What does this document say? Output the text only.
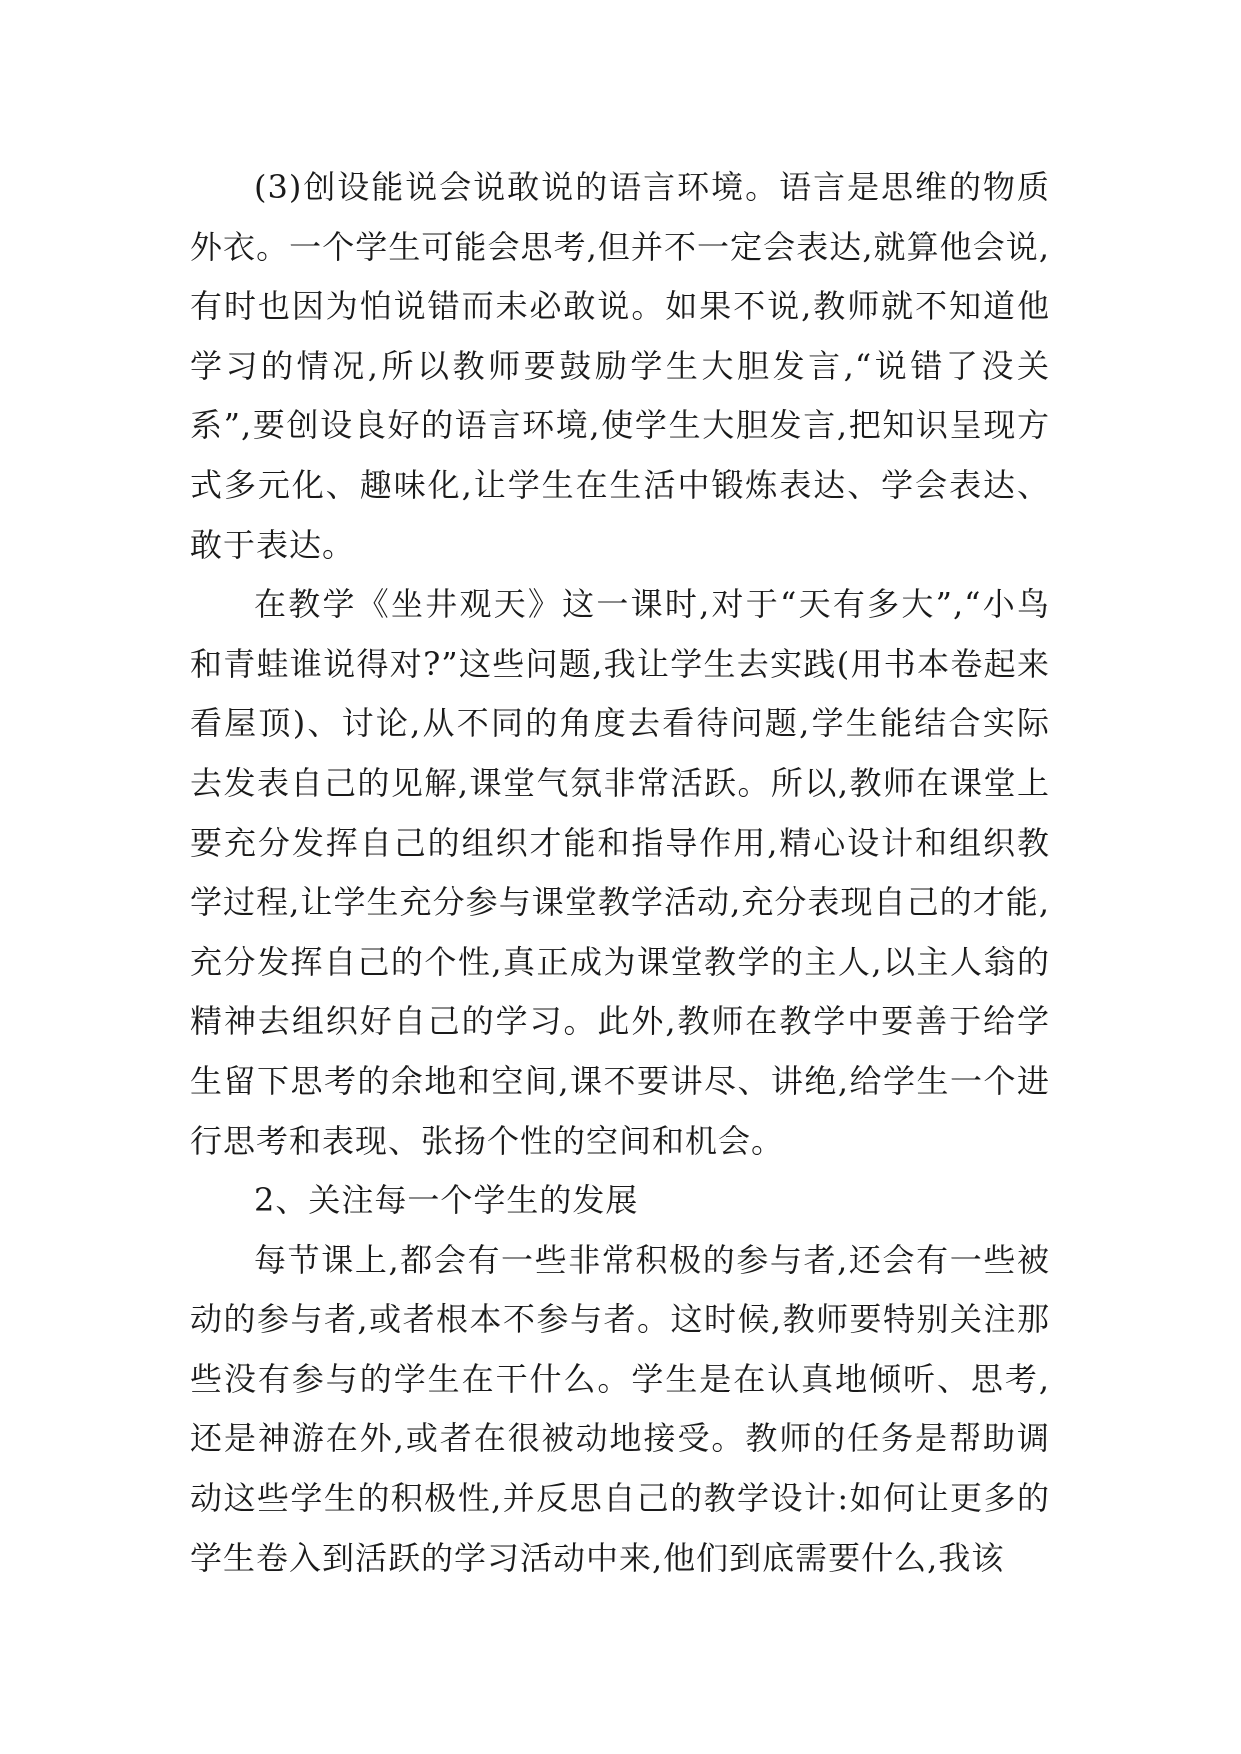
(3)创设能说会说敢说的语言环境。语言是思维的物质外衣。一个学生可能会思考,但并不一定会表达,就算他会说,有时也因为怕说错而未必敢说。如果不说,教师就不知道他学习的情况,所以教师要鼓励学生大胆发言,“说错了没关系”,要创设良好的语言环境,使学生大胆发言,把知识呈现方式多元化、趣味化,让学生在生活中锻炼表达、学会表达、敢于表达。

在教学《坐井观天》这一课时,对于“天有多大”,“小鸟和青蛙谁说得对?”这些问题,我让学生去实践(用书本卷起来看屋顶)、讨论,从不同的角度去看待问题,学生能结合实际去发表自己的见解,课堂气氛非常活跃。所以,教师在课堂上要充分发挥自己的组织才能和指导作用,精心设计和组织教学过程,让学生充分参与课堂教学活动,充分表现自己的才能,充分发挥自己的个性,真正成为课堂教学的主人,以主人翁的精神去组织好自己的学习。此外,教师在教学中要善于给学生留下思考的余地和空间,课不要讲尽、讲绝,给学生一个进行思考和表现、张扬个性的空间和机会。

2、关注每一个学生的发展

每节课上,都会有一些非常积极的参与者,还会有一些被动的参与者,或者根本不参与者。这时候,教师要特别关注那些没有参与的学生在干什么。学生是在认真地倾听、思考,还是神游在外,或者在很被动地接受。教师的任务是帮助调动这些学生的积极性,并反思自己的教学设计:如何让更多的学生卷入到活跃的学习活动中来,他们到底需要什么,我该
